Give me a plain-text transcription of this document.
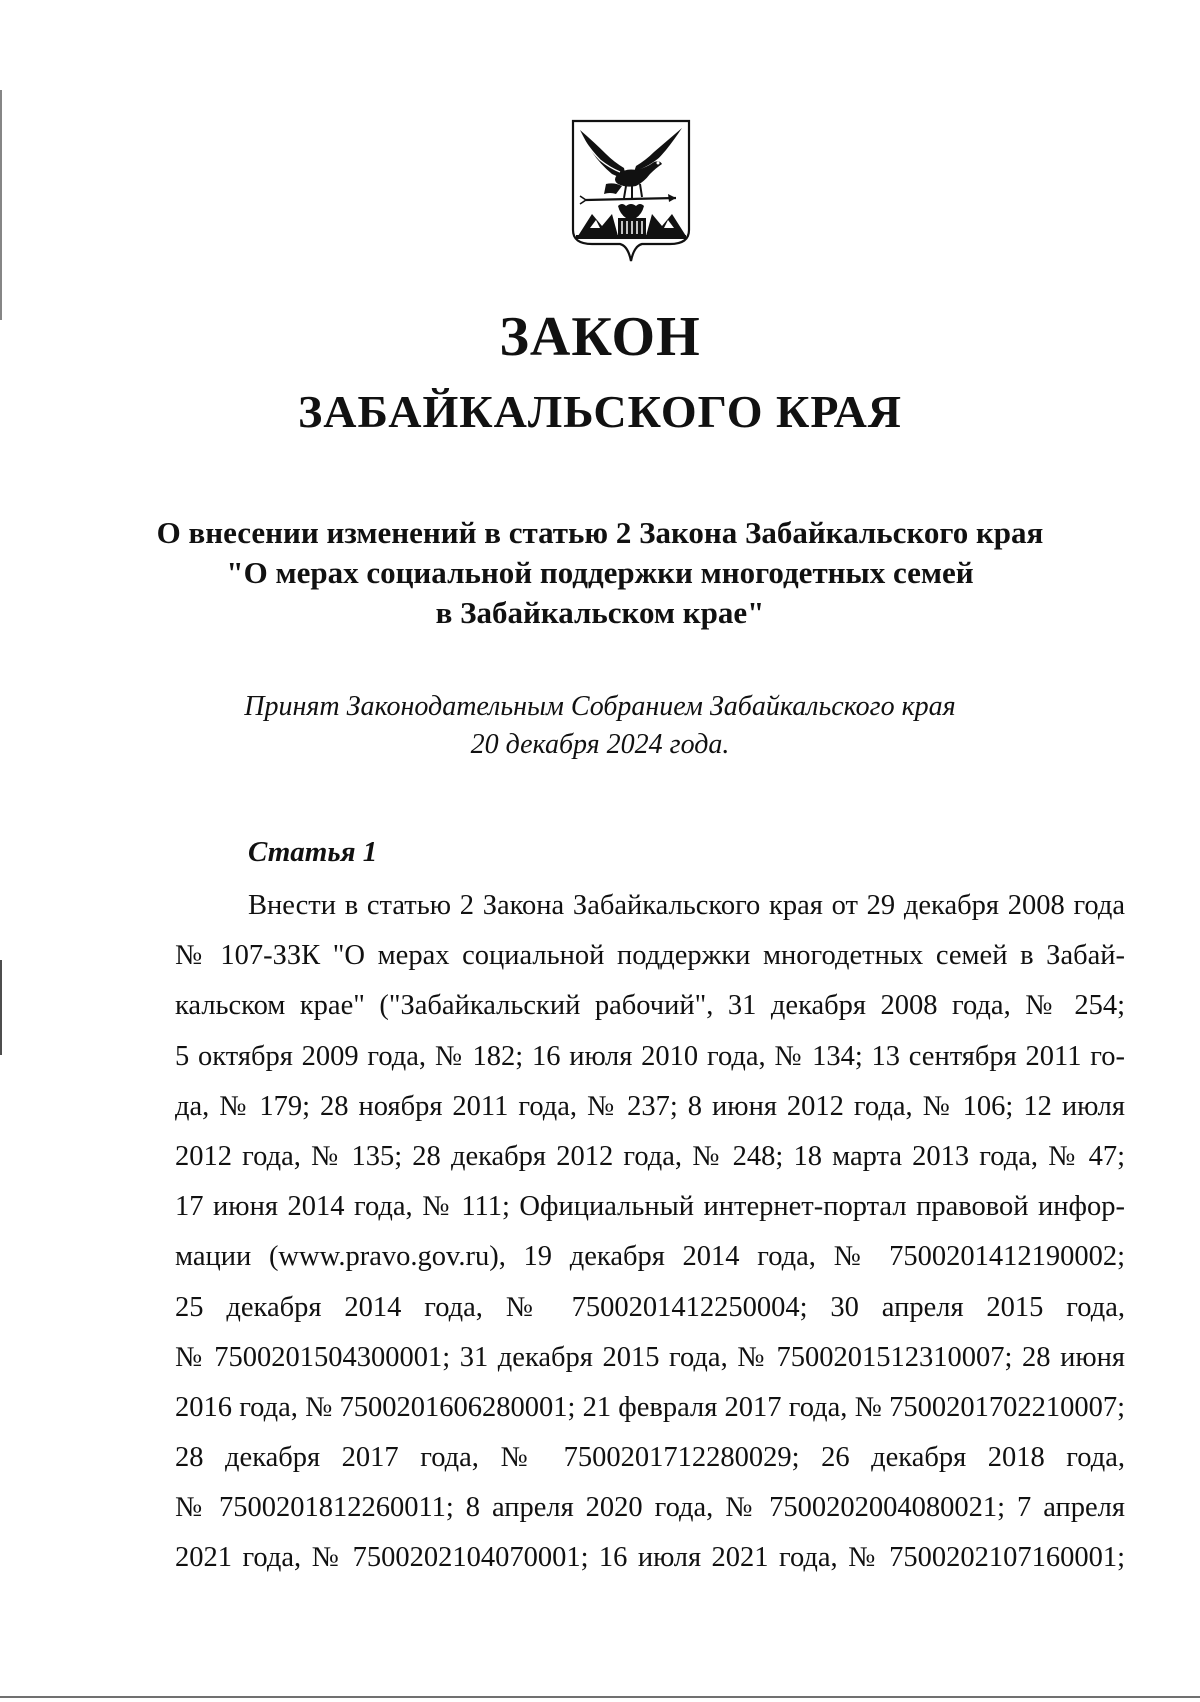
ЗАКОН
ЗАБАЙКАЛЬСКОГО КРАЯ
О внесении изменений в статью 2 Закона Забайкальского края
"О мерах социальной поддержки многодетных семей
в Забайкальском крае"
Принят Законодательным Собранием Забайкальского края
20 декабря 2024 года.
Статья 1
Внести в статью 2 Закона Забайкальского края от 29 декабря 2008 года
№ 107-ЗЗК "О мерах социальной поддержки многодетных семей в Забай-
кальском крае" ("Забайкальский рабочий", 31 декабря 2008 года, № 254;
5 октября 2009 года, № 182; 16 июля 2010 года, № 134; 13 сентября 2011 го-
да, № 179; 28 ноября 2011 года, № 237; 8 июня 2012 года, № 106; 12 июля
2012 года, № 135; 28 декабря 2012 года, № 248; 18 марта 2013 года, № 47;
17 июня 2014 года, № 111; Официальный интернет-портал правовой инфор-
мации (www.pravo.gov.ru), 19 декабря 2014 года, № 7500201412190002;
25 декабря 2014 года, № 7500201412250004; 30 апреля 2015 года,
№ 7500201504300001; 31 декабря 2015 года, № 7500201512310007; 28 июня
2016 года, № 7500201606280001; 21 февраля 2017 года, № 7500201702210007;
28 декабря 2017 года, № 7500201712280029; 26 декабря 2018 года,
№ 7500201812260011; 8 апреля 2020 года, № 7500202004080021; 7 апреля
2021 года, № 7500202104070001; 16 июля 2021 года, № 7500202107160001;
